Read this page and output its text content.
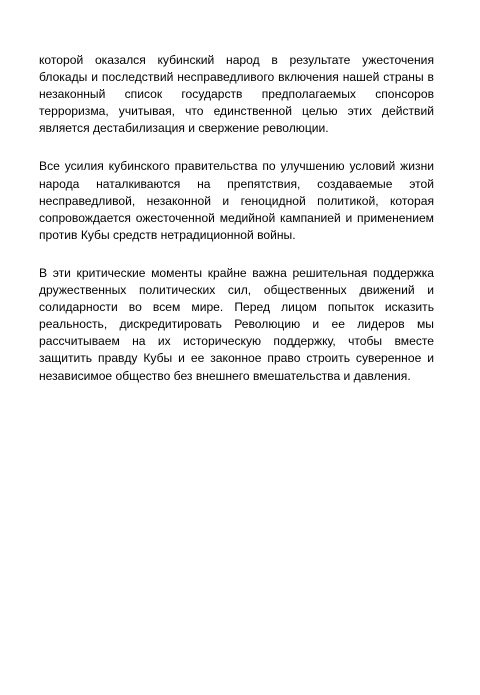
которой оказался кубинский народ в результате ужесточения блокады и последствий несправедливого включения нашей страны в незаконный список государств предполагаемых спонсоров терроризма, учитывая, что единственной целью этих действий является дестабилизация и свержение революции.

Все усилия кубинского правительства по улучшению условий жизни народа наталкиваются на препятствия, создаваемые этой несправедливой, незаконной и геноцидной политикой, которая сопровождается ожесточенной медийной кампанией и применением против Кубы средств нетрадиционной войны.

В эти критические моменты крайне важна решительная поддержка дружественных политических сил, общественных движений и солидарности во всем мире. Перед лицом попыток исказить реальность, дискредитировать Революцию и ее лидеров мы рассчитываем на их историческую поддержку, чтобы вместе защитить правду Кубы и ее законное право строить суверенное и независимое общество без внешнего вмешательства и давления.
